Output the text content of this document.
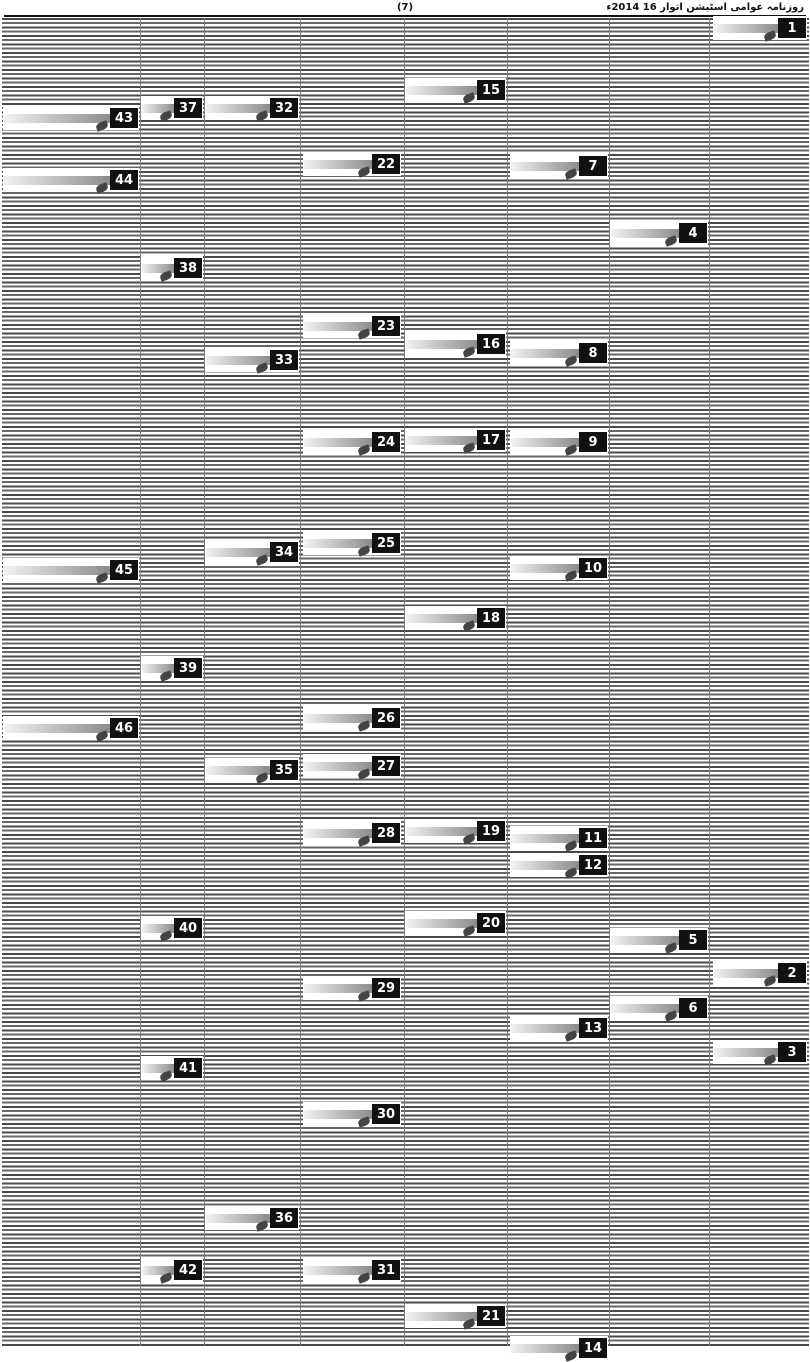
(7)	روزنامہ عوامی اسٹیشن اتوار 16 2014ء
1
2
3
4
5
6
7
8
9
10
11
12
13
14
15
16
17
18
19
20
21
22
23
24
25
26
27
28
29
30
31
32
33
34
35
36
37
38
39
40
41
42
43
44
45
46
